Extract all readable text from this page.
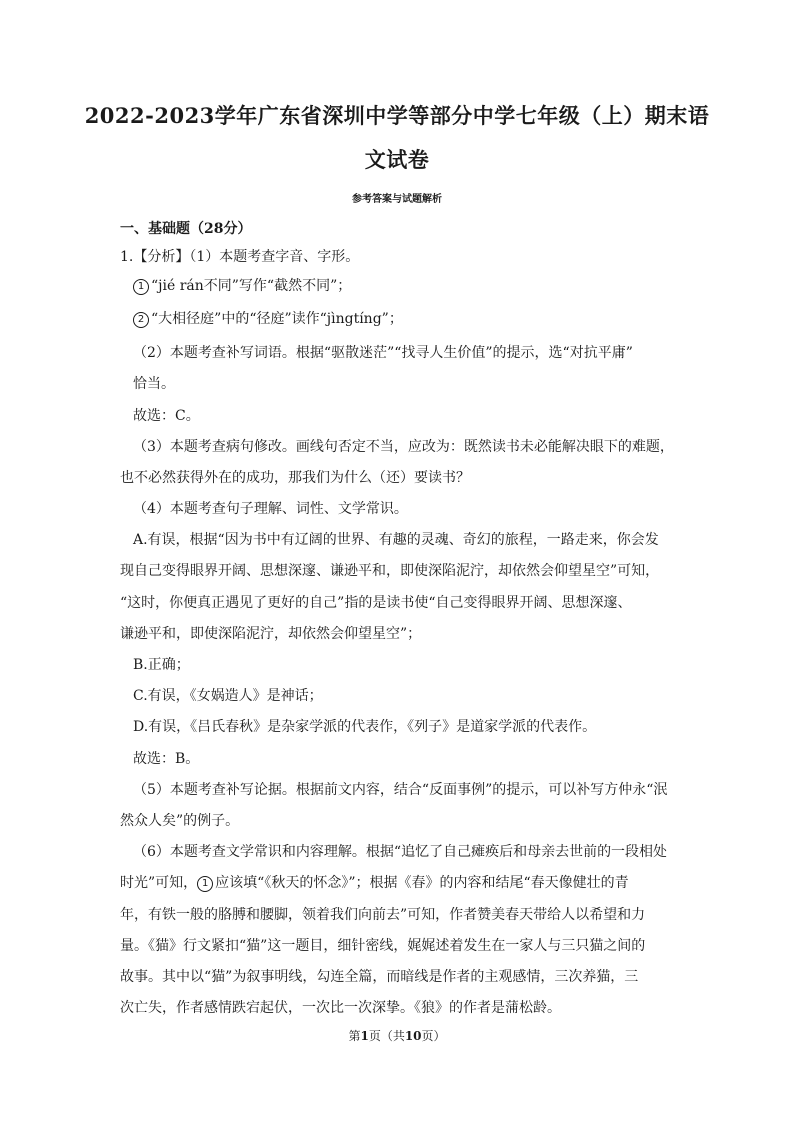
2022-2023学年广东省深圳中学等部分中学七年级（上）期末语
文试卷
参考答案与试题解析
一、基础题（28分）
1.【分析】（1）本题考查字音、字形。
1 “jié rán不同”写作“截然不同”；
2 “大相径庭”中的“径庭”读作“jìngtíng”；
（2）本题考查补写词语。根据“驱散迷茫”“找寻人生价值”的提示，选“对抗平庸”
恰当。
故选：C。
（3）本题考查病句修改。画线句否定不当，应改为：既然读书未必能解决眼下的难题，
也不必然获得外在的成功，那我们为什么（还）要读书？
（4）本题考查句子理解、词性、文学常识。
A.有误，根据“因为书中有辽阔的世界、有趣的灵魂、奇幻的旅程，一路走来，你会发
现自己变得眼界开阔、思想深邃、谦逊平和，即使深陷泥泞，却依然会仰望星空”可知，
“这时，你便真正遇见了更好的自己”指的是读书使“自己变得眼界开阔、思想深邃、
谦逊平和，即使深陷泥泞，却依然会仰望星空”；
B.正确；
C.有误，《女娲造人》是神话；
D.有误，《吕氏春秋》是杂家学派的代表作，《列子》是道家学派的代表作。
故选：B。
（5）本题考查补写论据。根据前文内容，结合“反面事例”的提示，可以补写方仲永“泯
然众人矣”的例子。
（6）本题考查文学常识和内容理解。根据“追忆了自己瘫痪后和母亲去世前的一段相处
时光”可知， 1 应该填“《秋天的怀念》”；根据《春》的内容和结尾“春天像健壮的青
年，有铁一般的胳膊和腰脚，领着我们向前去”可知，作者赞美春天带给人以希望和力
量。《猫》行文紧扣“猫”这一题目，细针密线，娓娓述着发生在一家人与三只猫之间的
故事。其中以“猫”为叙事明线，勾连全篇，而暗线是作者的主观感情，三次养猫，三
次亡失，作者感情跌宕起伏，一次比一次深挚。《狼》的作者是蒲松龄。
第1页（共10页）
